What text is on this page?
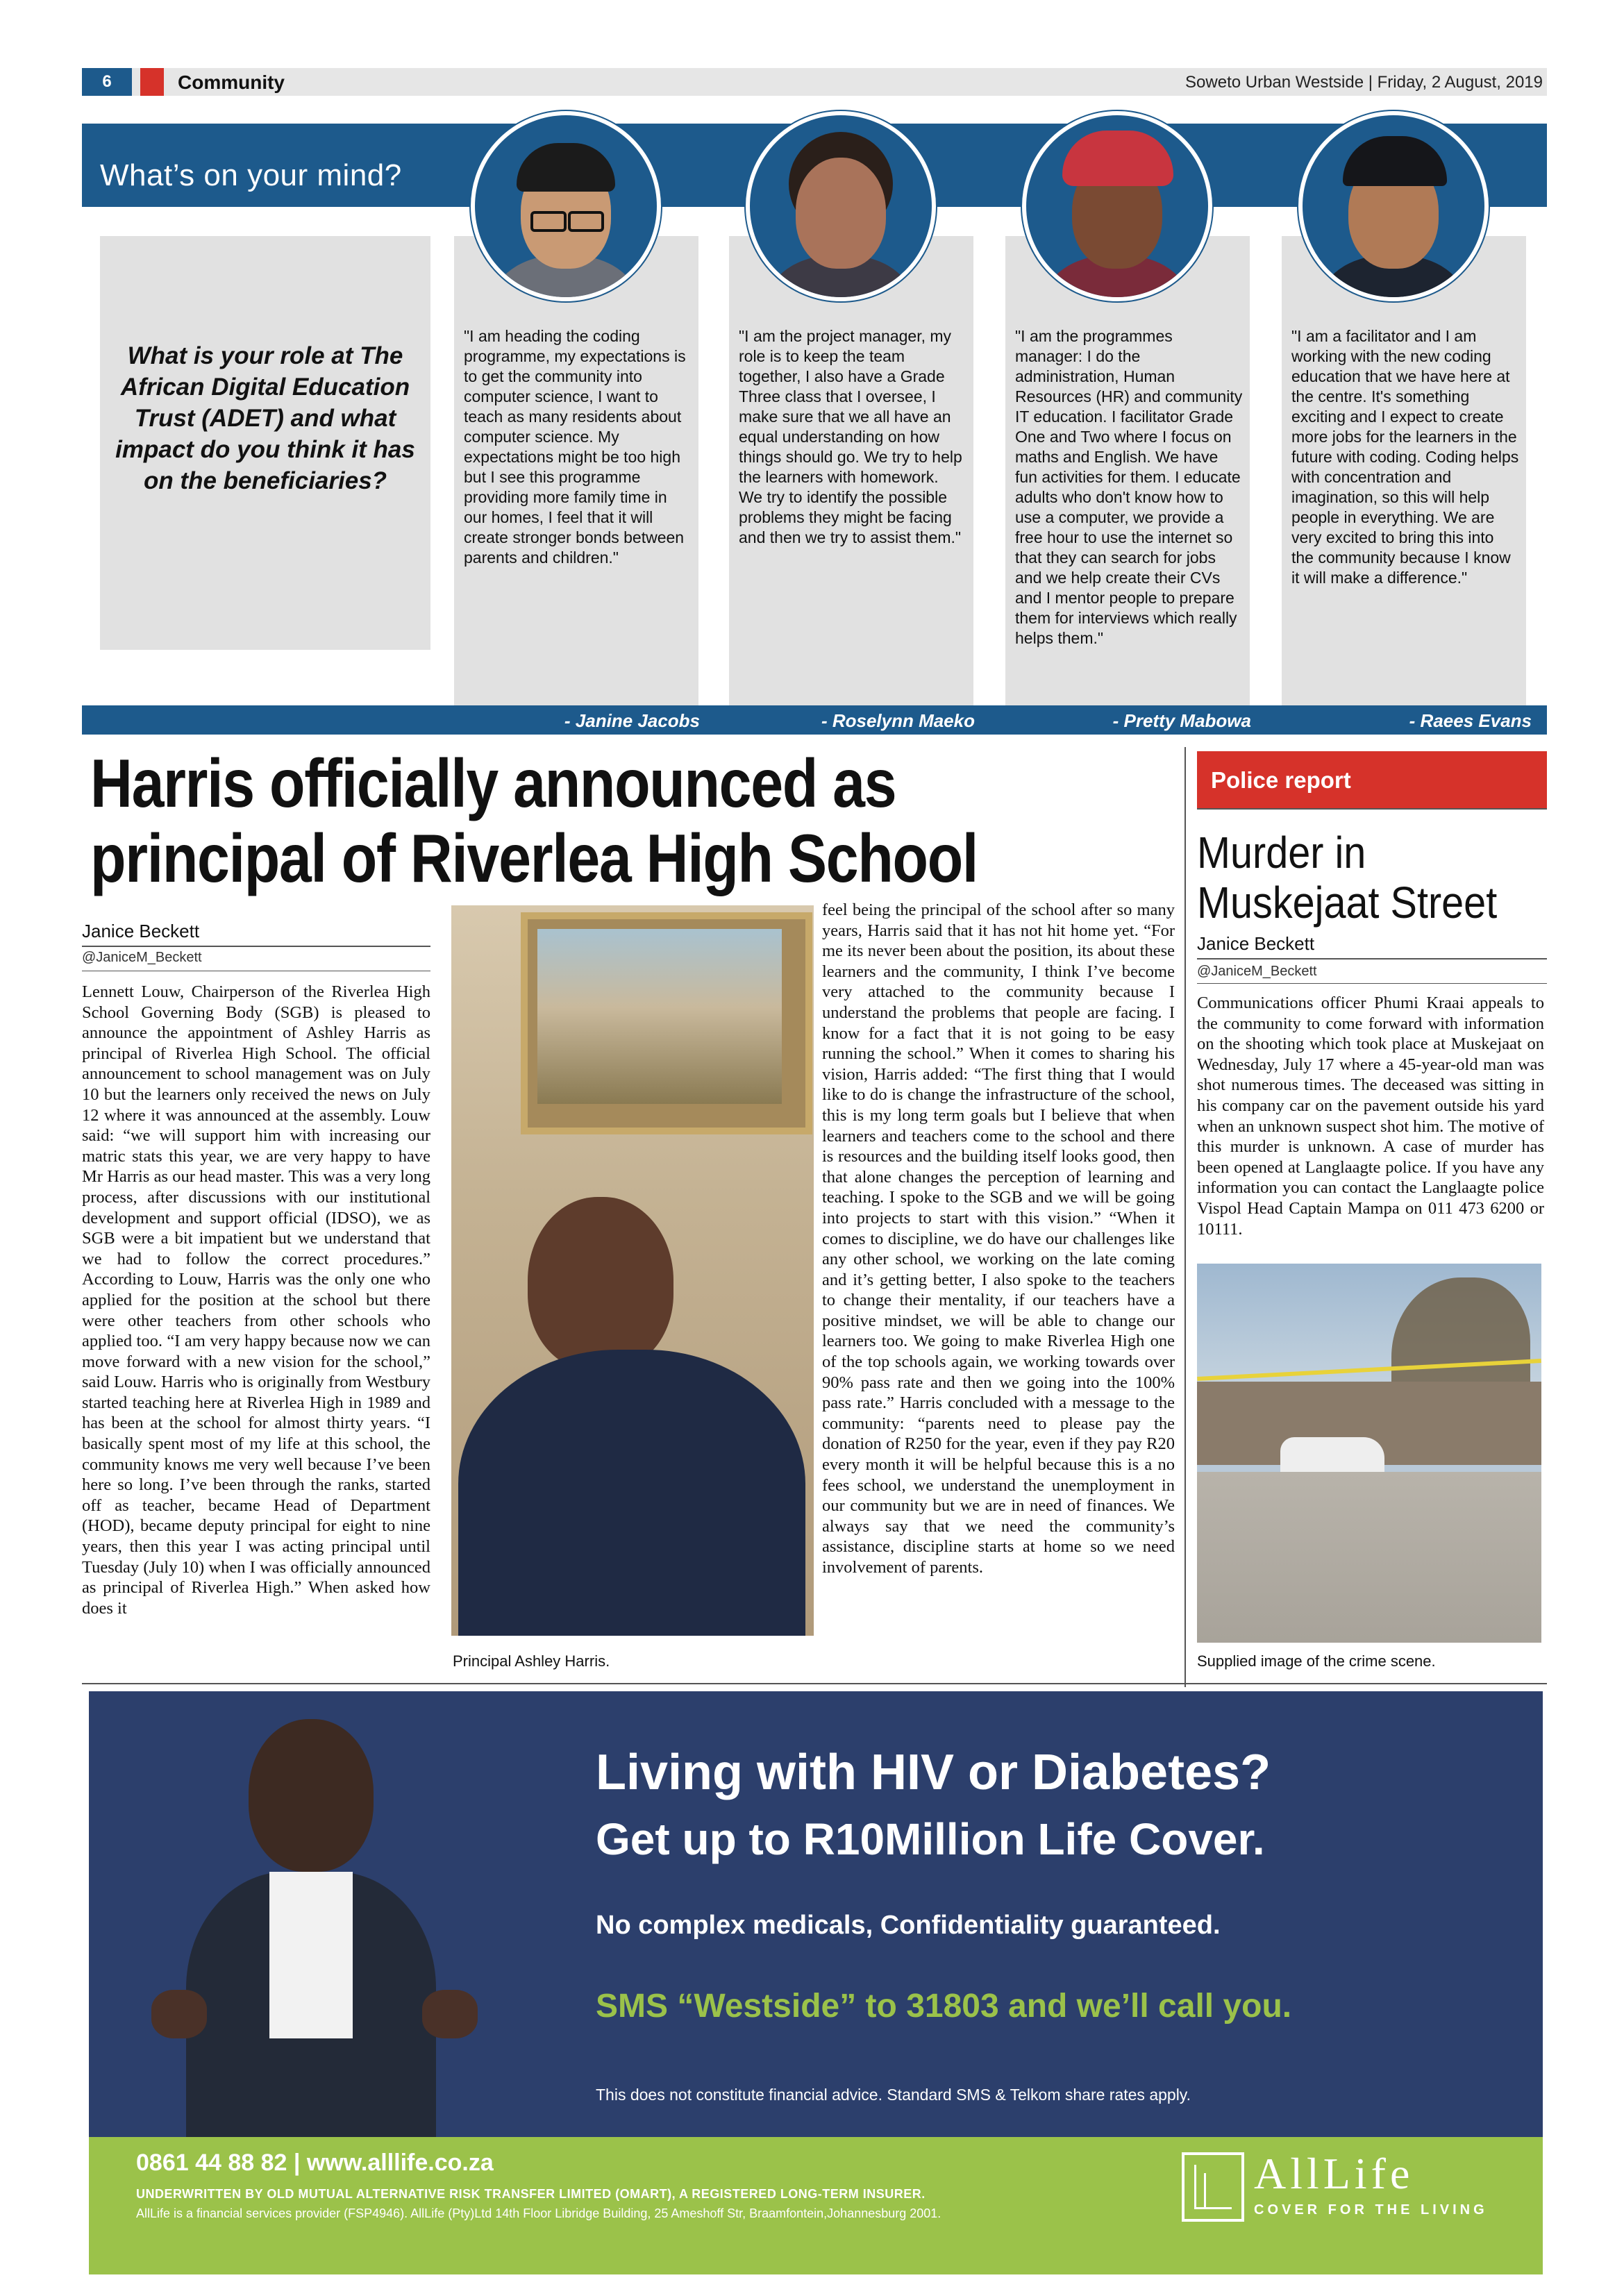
6	Community	Soweto Urban Westside | Friday, 2 August, 2019
What’s on your mind?
What is your role at The African Digital Education Trust (ADET) and what impact do you think it has on the beneficiaries?
"I am heading the coding programme, my expectations is to get the community into computer science, I want to teach as many residents about computer science. My expectations might be too high but I see this programme providing more family time in our homes, I feel that it will create stronger bonds between parents and children."
"I am the project manager, my role is to keep the team together, I also have a Grade Three class that I oversee, I make sure that we all have an equal understanding on how things should go. We try to help the learners with homework. We try to identify the possible problems they might be facing and then we try to assist them."
"I am the programmes manager: I do the administration, Human Resources (HR) and community IT education. I facilitator Grade One and Two where I focus on maths and English. We have fun activities for them. I educate adults who don't know how to use a computer, we provide a free hour to use the internet so that they can search for jobs and we help create their CVs and I mentor people to prepare them for interviews which really helps them."
"I am a facilitator and I am working with the new coding education that we have here at the centre. It's something exciting and I expect to create more jobs for the learners in the future with coding. Coding helps with concentration and imagination, so this will help people in everything. We are very excited to bring this into the community because I know it will make a difference."
- Janine Jacobs	- Roselynn Maeko	- Pretty Mabowa	- Raees Evans
Harris officially announced as
principal of Riverlea High School
Janice Beckett
@JaniceM_Beckett
Lennett Louw, Chairperson of the Riverlea High School Governing Body (SGB) is pleased to announce the appointment of Ashley Harris as principal of Riverlea High School. The official announcement to school management was on July 10 but the learners only received the news on July 12 where it was announced at the assembly. Louw said: “we will support him with increasing our matric stats this year, we are very happy to have Mr Harris as our head master. This was a very long process, after discussions with our institutional development and support official (IDSO), we as SGB were a bit impatient but we understand that we had to follow the correct procedures.” According to Louw, Harris was the only one who applied for the position at the school but there were other teachers from other schools who applied too. “I am very happy because now we can move forward with a new vision for the school,” said Louw. Harris who is originally from Westbury started teaching here at Riverlea High in 1989 and has been at the school for almost thirty years. “I basically spent most of my life at this school, the community knows me very well because I’ve been here so long. I’ve been through the ranks, started off as teacher, became Head of Department (HOD), became deputy principal for eight to nine years, then this year I was acting principal until Tuesday (July 10) when I was officially announced as principal of Riverlea High.” When asked how does it
Principal Ashley Harris.
feel being the principal of the school after so many years, Harris said that it has not hit home yet. “For me its never been about the position, its about these learners and the community, I think I’ve become very attached to the community because I understand the problems that people are facing. I know for a fact that it is not going to be easy running the school.” When it comes to sharing his vision, Harris added: “The first thing that I would like to do is change the infrastructure of the school, this is my long term goals but I believe that when learners and teachers come to the school and there is resources and the building itself looks good, then that alone changes the perception of learning and teaching. I spoke to the SGB and we will be going into projects to start with this vision.” “When it comes to discipline, we do have our challenges like any other school, we working on the late coming and it’s getting better, I also spoke to the teachers to change their mentality, if our teachers have a positive mindset, we will be able to change our learners too. We going to make Riverlea High one of the top schools again, we working towards over 90% pass rate and then we going into the 100% pass rate.” Harris concluded with a message to the community: “parents need to please pay the donation of R250 for the year, even if they pay R20 every month it will be helpful because this is a no fees school, we understand the unemployment in our community but we are in need of finances. We always say that we need the community’s assistance, discipline starts at home so we need involvement of parents.
Police report
Murder in
Muskejaat Street
Janice Beckett
@JaniceM_Beckett
Communications officer Phumi Kraai appeals to the community to come forward with information on the shooting which took place at Muskejaat on Wednesday, July 17 where a 45-year-old man was shot numerous times. The deceased was sitting in his company car on the pavement outside his yard when an unknown suspect shot him. The motive of this murder is unknown. A case of murder has been opened at Langlaagte police. If you have any information you can contact the Langlaagte police Vispol Head Captain Mampa on 011 473 6200 or 10111.
Supplied image of the crime scene.
Living with HIV or Diabetes?
Get up to R10Million Life Cover.
No complex medicals, Confidentiality guaranteed.
SMS “Westside” to 31803 and we’ll call you.
This does not constitute financial advice. Standard SMS & Telkom share rates apply.
0861 44 88 82 | www.alllife.co.za
UNDERWRITTEN BY OLD MUTUAL ALTERNATIVE RISK TRANSFER LIMITED (OMART), A REGISTERED LONG-TERM INSURER.
AllLife is a financial services provider (FSP4946). AllLife (Pty)Ltd 14th Floor Libridge Building, 25 Ameshoff Str, Braamfontein,Johannesburg 2001.
AllLife
COVER FOR THE LIVING
